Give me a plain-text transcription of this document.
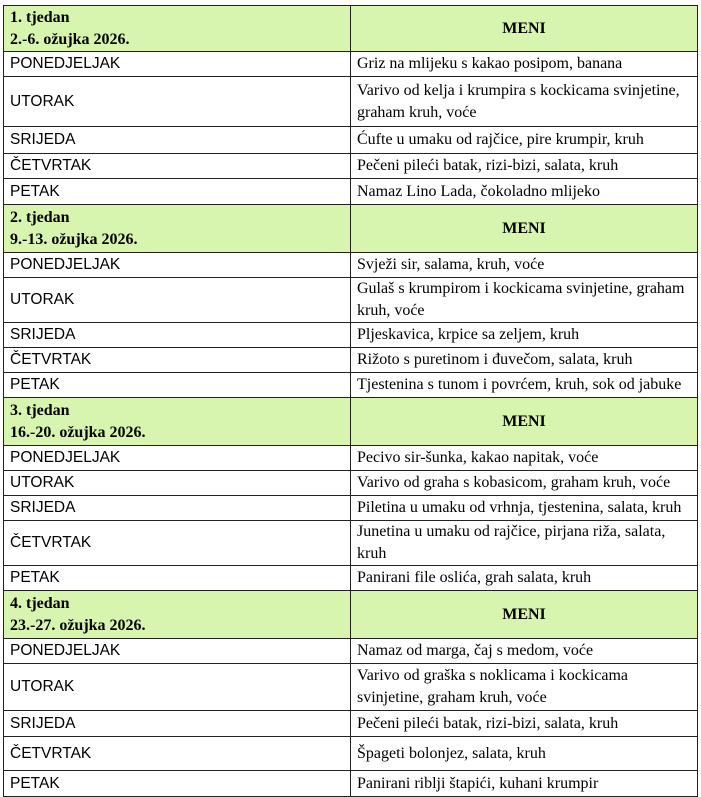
1. tjedan
2.-6. ožujka 2026.	MENI
PONEDJELJAK	Griz na mlijeku s kakao posipom, banana
UTORAK	Varivo od kelja i krumpira s kockicama svinjetine, graham kruh, voće
SRIJEDA	Ćufte u umaku od rajčice, pire krumpir, kruh
ČETVRTAK	Pečeni pileći batak, rizi-bizi, salata, kruh
PETAK	Namaz Lino Lada, čokoladno mlijeko

2. tjedan
9.-13. ožujka 2026.	MENI
PONEDJELJAK	Svježi sir, salama, kruh, voće
UTORAK	Gulaš s krumpirom i kockicama svinjetine, graham kruh, voće
SRIJEDA	Pljeskavica, krpice sa zeljem, kruh
ČETVRTAK	Rižoto s puretinom i đuvečom, salata, kruh
PETAK	Tjestenina s tunom i povrćem, kruh, sok od jabuke

3. tjedan
16.-20. ožujka 2026.	MENI
PONEDJELJAK	Pecivo sir-šunka, kakao napitak, voće
UTORAK	Varivo od graha s kobasicom, graham kruh, voće
SRIJEDA	Piletina u umaku od vrhnja, tjestenina, salata, kruh
ČETVRTAK	Junetina u umaku od rajčice, pirjana riža, salata, kruh
PETAK	Panirani file oslića, grah salata, kruh

4. tjedan
23.-27. ožujka 2026.	MENI
PONEDJELJAK	Namaz od marga, čaj s medom, voće
UTORAK	Varivo od graška s noklicama i kockicama svinjetine, graham kruh, voće
SRIJEDA	Pečeni pileći batak, rizi-bizi, salata, kruh
ČETVRTAK	Špageti bolonjez, salata, kruh
PETAK	Panirani riblji štapići, kuhani krumpir
